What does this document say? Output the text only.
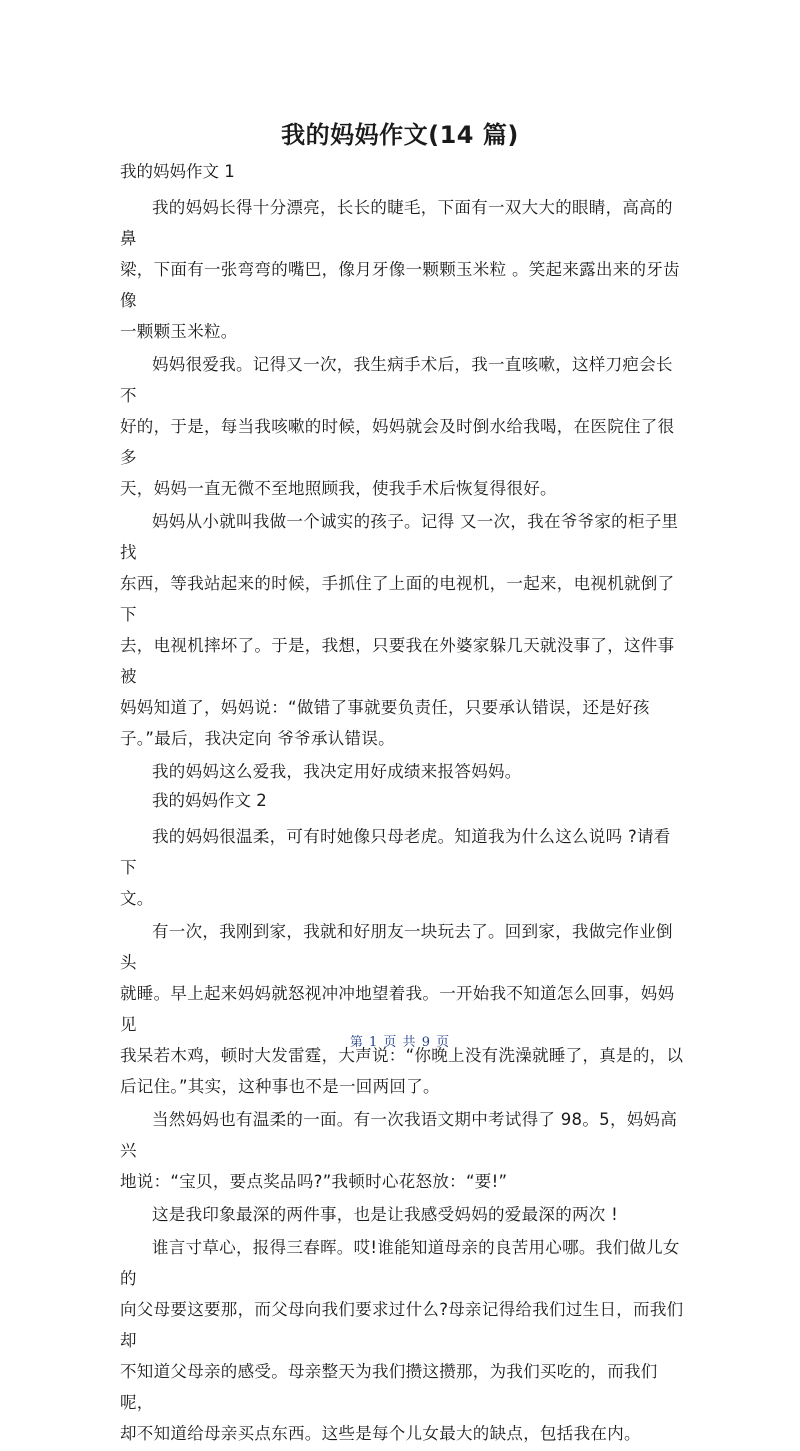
我的妈妈作文(14 篇)
我的妈妈作文 1

我的妈妈长得十分漂亮，长长的睫毛，下面有一双大大的眼睛，高高的鼻
梁，下面有一张弯弯的嘴巴，像月牙像一颗颗玉米粒 。笑起来露出来的牙齿像
一颗颗玉米粒。

妈妈很爱我。记得又一次，我生病手术后，我一直咳嗽，这样刀疤会长不
好的，于是，每当我咳嗽的时候，妈妈就会及时倒水给我喝，在医院住了很多
天，妈妈一直无微不至地照顾我，使我手术后恢复得很好。

妈妈从小就叫我做一个诚实的孩子。记得 又一次，我在爷爷家的柜子里找
东西，等我站起来的时候，手抓住了上面的电视机，一起来，电视机就倒了下
去，电视机摔坏了。于是，我想，只要我在外婆家躲几天就没事了，这件事被
妈妈知道了，妈妈说：“做错了事就要负责任，只要承认错误，还是好孩
子。”最后，我决定向 爷爷承认错误。

我的妈妈这么爱我，我决定用好成绩来报答妈妈。

我的妈妈作文 2

我的妈妈很温柔，可有时她像只母老虎。知道我为什么这么说吗 ?请看下
文。

有一次，我刚到家，我就和好朋友一块玩去了。回到家，我做完作业倒头
就睡。早上起来妈妈就怒视冲冲地望着我。一开始我不知道怎么回事，妈妈见
我呆若木鸡，顿时大发雷霆，大声说：“你晚上没有洗澡就睡了，真是的，以
后记住。”其实，这种事也不是一回两回了。

当然妈妈也有温柔的一面。有一次我语文期中考试得了 98。5，妈妈高兴
地说：“宝贝，要点奖品吗?”我顿时心花怒放：“要!”

这是我印象最深的两件事，也是让我感受妈妈的爱最深的两次 !

谁言寸草心，报得三春晖。哎!谁能知道母亲的良苦用心哪。我们做儿女的
向父母要这要那，而父母向我们要求过什么?母亲记得给我们过生日，而我们却
不知道父母亲的感受。母亲整天为我们攒这攒那，为我们买吃的，而我们呢，
却不知道给母亲买点东西。这些是每个儿女最大的缺点，包括我在内。

第 1 页 共 9 页
